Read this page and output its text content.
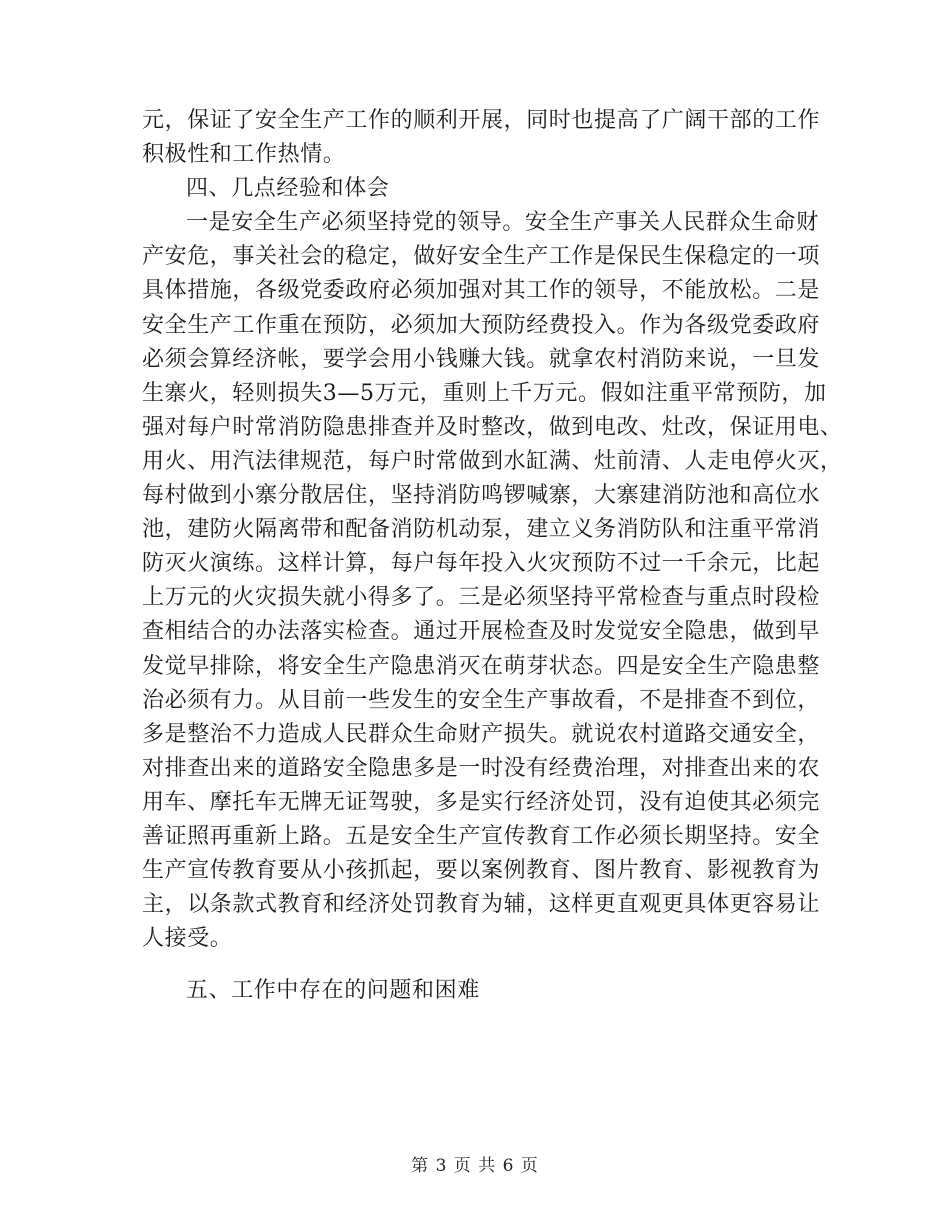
元，保证了安全生产工作的顺利开展，同时也提高了广阔干部的工作
积极性和工作热情。
四、几点经验和体会
一是安全生产必须坚持党的领导。安全生产事关人民群众生命财
产安危，事关社会的稳定，做好安全生产工作是保民生保稳定的一项
具体措施，各级党委政府必须加强对其工作的领导，不能放松。二是
安全生产工作重在预防，必须加大预防经费投入。作为各级党委政府
必须会算经济帐，要学会用小钱赚大钱。就拿农村消防来说，一旦发
生寨火，轻则损失3—5万元，重则上千万元。假如注重平常预防，加
强对每户时常消防隐患排查并及时整改，做到电改、灶改，保证用电、
用火、用汽法律规范，每户时常做到水缸满、灶前清、人走电停火灭，
每村做到小寨分散居住，坚持消防鸣锣喊寨，大寨建消防池和高位水
池，建防火隔离带和配备消防机动泵，建立义务消防队和注重平常消
防灭火演练。这样计算，每户每年投入火灾预防不过一千余元，比起
上万元的火灾损失就小得多了。三是必须坚持平常检查与重点时段检
查相结合的办法落实检查。通过开展检查及时发觉安全隐患，做到早
发觉早排除，将安全生产隐患消灭在萌芽状态。四是安全生产隐患整
治必须有力。从目前一些发生的安全生产事故看，不是排查不到位，
多是整治不力造成人民群众生命财产损失。就说农村道路交通安全，
对排查出来的道路安全隐患多是一时没有经费治理，对排查出来的农
用车、摩托车无牌无证驾驶，多是实行经济处罚，没有迫使其必须完
善证照再重新上路。五是安全生产宣传教育工作必须长期坚持。安全
生产宣传教育要从小孩抓起，要以案例教育、图片教育、影视教育为
主，以条款式教育和经济处罚教育为辅，这样更直观更具体更容易让
人接受。
五、工作中存在的问题和困难
第 3 页 共 6 页
